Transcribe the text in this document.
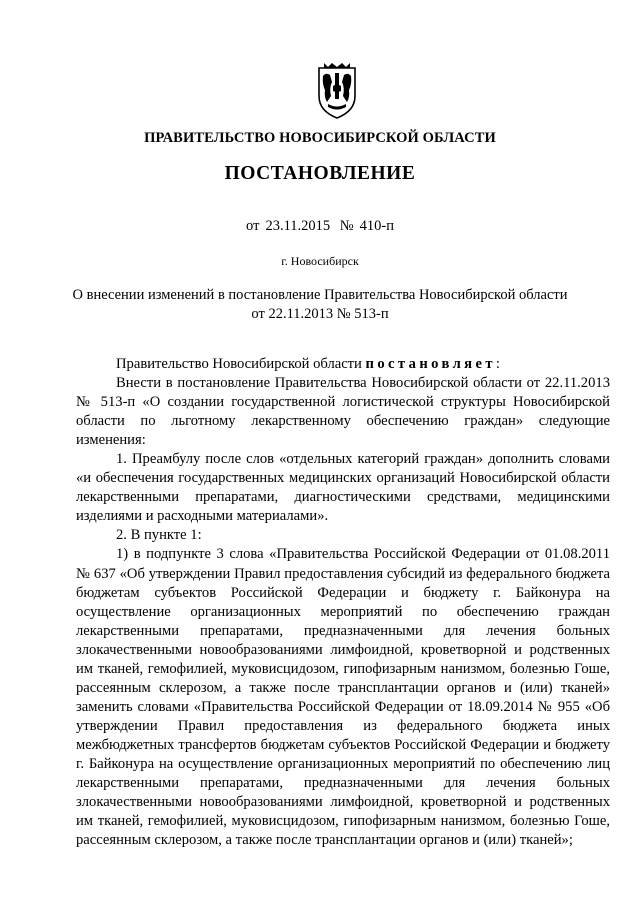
ПРАВИТЕЛЬСТВО НОВОСИБИРСКОЙ ОБЛАСТИ
ПОСТАНОВЛЕНИЕ
от 23.11.2015 № 410-п
г. Новосибирск
О внесении изменений в постановление Правительства Новосибирской области
от 22.11.2013 № 513-п

Правительство Новосибирской области постановляет:

Внести в постановление Правительства Новосибирской области от 22.11.2013 № 513-п «О создании государственной логистической структуры Новосибирской области по льготному лекарственному обеспечению граждан» следующие изменения:

1. Преамбулу после слов «отдельных категорий граждан» дополнить словами «и обеспечения государственных медицинских организаций Новосибирской области лекарственными препаратами, диагностическими средствами, медицинскими изделиями и расходными материалами».

2. В пункте 1:

1) в подпункте 3 слова «Правительства Российской Федерации от 01.08.2011 № 637 «Об утверждении Правил предоставления субсидий из федерального бюджета бюджетам субъектов Российской Федерации и бюджету г. Байконура на осуществление организационных мероприятий по обеспечению граждан лекарственными препаратами, предназначенными для лечения больных злокачественными новообразованиями лимфоидной, кроветворной и родственных им тканей, гемофилией, муковисцидозом, гипофизарным нанизмом, болезнью Гоше, рассеянным склерозом, а также после трансплантации органов и (или) тканей» заменить словами «Правительства Российской Федерации от 18.09.2014 № 955 «Об утверждении Правил предоставления из федерального бюджета иных межбюджетных трансфертов бюджетам субъектов Российской Федерации и бюджету г. Байконура на осуществление организационных мероприятий по обеспечению лиц лекарственными препаратами, предназначенными для лечения больных злокачественными новообразованиями лимфоидной, кроветворной и родственных им тканей, гемофилией, муковисцидозом, гипофизарным нанизмом, болезнью Гоше, рассеянным склерозом, а также после трансплантации органов и (или) тканей»;
